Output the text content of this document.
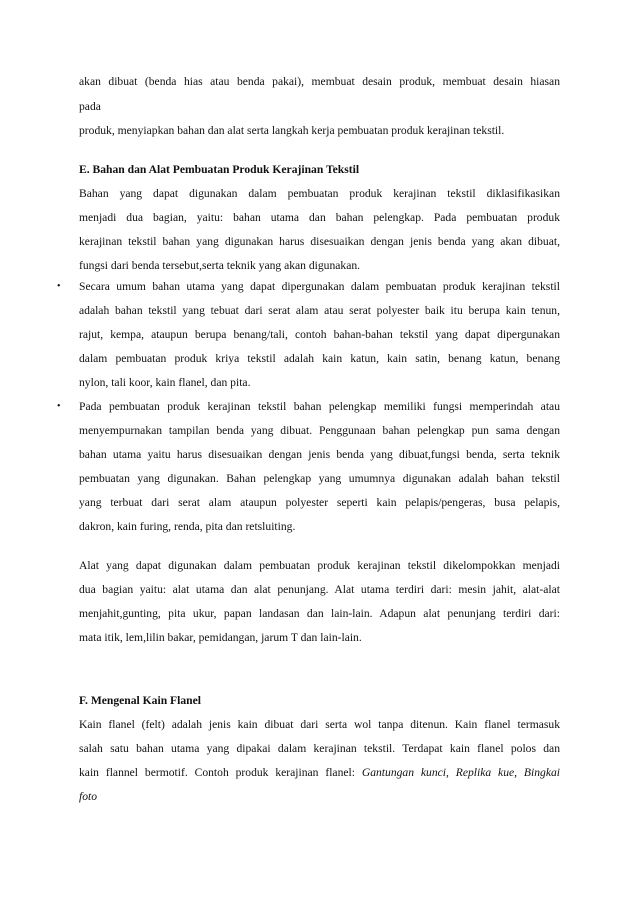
akan dibuat (benda hias atau benda pakai), membuat desain produk, membuat desain hiasan
pada
produk, menyiapkan bahan dan alat serta langkah kerja pembuatan produk kerajinan tekstil.
E. Bahan dan Alat Pembuatan Produk Kerajinan Tekstil
Bahan yang dapat digunakan dalam pembuatan produk kerajinan tekstil diklasifikasikan
menjadi dua bagian, yaitu: bahan utama dan bahan pelengkap. Pada pembuatan produk
kerajinan tekstil bahan yang digunakan harus disesuaikan dengan jenis benda yang akan dibuat,
fungsi dari benda tersebut,serta teknik yang akan digunakan.
• Secara umum bahan utama yang dapat dipergunakan dalam pembuatan produk kerajinan tekstil
adalah bahan tekstil yang tebuat dari serat alam atau serat polyester baik itu berupa kain tenun,
rajut, kempa, ataupun berupa benang/tali, contoh bahan-bahan tekstil yang dapat dipergunakan
dalam pembuatan produk kriya tekstil adalah kain katun, kain satin, benang katun, benang
nylon, tali koor, kain flanel, dan pita.
• Pada pembuatan produk kerajinan tekstil bahan pelengkap memiliki fungsi memperindah atau
menyempurnakan tampilan benda yang dibuat. Penggunaan bahan pelengkap pun sama dengan
bahan utama yaitu harus disesuaikan dengan jenis benda yang dibuat,fungsi benda, serta teknik
pembuatan yang digunakan. Bahan pelengkap yang umumnya digunakan adalah bahan tekstil
yang terbuat dari serat alam ataupun polyester seperti kain pelapis/pengeras, busa pelapis,
dakron, kain furing, renda, pita dan retsluiting.
Alat yang dapat digunakan dalam pembuatan produk kerajinan tekstil dikelompokkan menjadi
dua bagian yaitu: alat utama dan alat penunjang. Alat utama terdiri dari: mesin jahit, alat-alat
menjahit,gunting, pita ukur, papan landasan dan lain-lain. Adapun alat penunjang terdiri dari:
mata itik, lem,lilin bakar, pemidangan, jarum T dan lain-lain.
F. Mengenal Kain Flanel
Kain flanel (felt) adalah jenis kain dibuat dari serta wol tanpa ditenun. Kain flanel termasuk
salah satu bahan utama yang dipakai dalam kerajinan tekstil. Terdapat kain flanel polos dan
kain flannel bermotif. Contoh produk kerajinan flanel: Gantungan kunci, Replika kue, Bingkai
foto
